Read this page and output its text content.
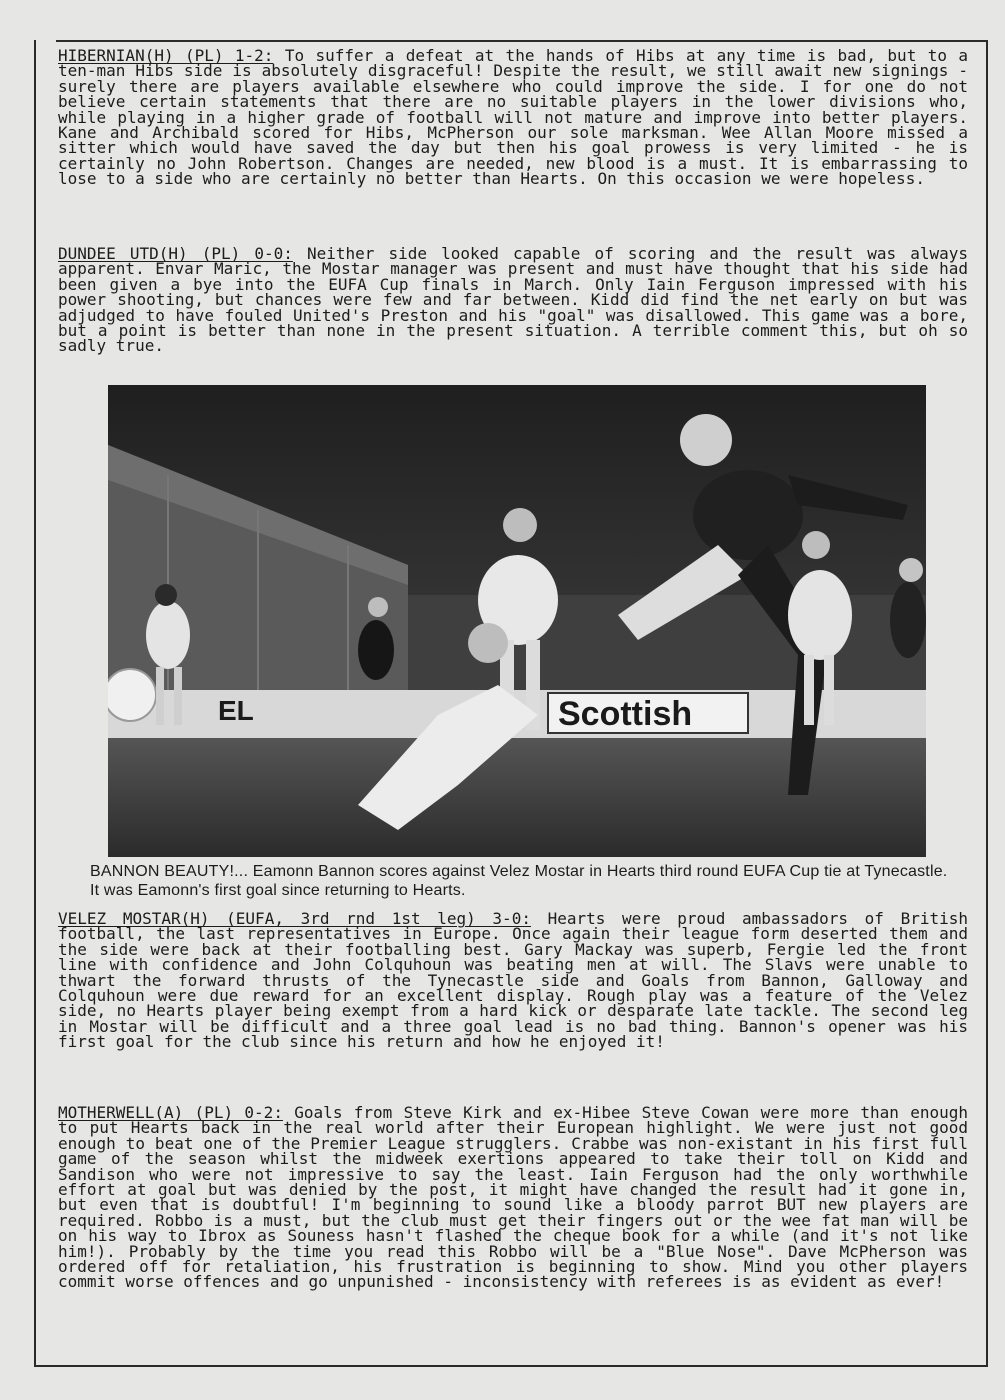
HIBERNIAN(H) (PL) 1-2: To suffer a defeat at the hands of Hibs at any time is bad, but to a ten-man Hibs side is absolutely disgraceful! Despite the result, we still await new signings - surely there are players available elsewhere who could improve the side. I for one do not believe certain statements that there are no suitable players in the lower divisions who, while playing in a higher grade of football will not mature and improve into better players. Kane and Archibald scored for Hibs, McPherson our sole marksman. Wee Allan Moore missed a sitter which would have saved the day but then his goal prowess is very limited - he is certainly no John Robertson. Changes are needed, new blood is a must. It is embarrassing to lose to a side who are certainly no better than Hearts. On this occasion we were hopeless.
DUNDEE UTD(H) (PL) 0-0: Neither side looked capable of scoring and the result was always apparent. Envar Maric, the Mostar manager was present and must have thought that his side had been given a bye into the EUFA Cup finals in March. Only Iain Ferguson impressed with his power shooting, but chances were few and far between. Kidd did find the net early on but was adjudged to have fouled United's Preston and his "goal" was disallowed. This game was a bore, but a point is better than none in the present situation. A terrible comment this, but oh so sadly true.
Scottish
EL
BANNON BEAUTY!... Eamonn Bannon scores against Velez Mostar in Hearts third round EUFA Cup tie at Tynecastle. It was Eamonn's first goal since returning to Hearts.
VELEZ MOSTAR(H) (EUFA, 3rd rnd 1st leg) 3-0: Hearts were proud ambassadors of British football, the last representatives in Europe. Once again their league form deserted them and the side were back at their footballing best. Gary Mackay was superb, Fergie led the front line with confidence and John Colquhoun was beating men at will. The Slavs were unable to thwart the forward thrusts of the Tynecastle side and Goals from Bannon, Galloway and Colquhoun were due reward for an excellent display. Rough play was a feature of the Velez side, no Hearts player being exempt from a hard kick or desparate late tackle. The second leg in Mostar will be difficult and a three goal lead is no bad thing. Bannon's opener was his first goal for the club since his return and how he enjoyed it!
MOTHERWELL(A) (PL) 0-2: Goals from Steve Kirk and ex-Hibee Steve Cowan were more than enough to put Hearts back in the real world after their European highlight. We were just not good enough to beat one of the Premier League strugglers. Crabbe was non-existant in his first full game of the season whilst the midweek exertions appeared to take their toll on Kidd and Sandison who were not impressive to say the least. Iain Ferguson had the only worthwhile effort at goal but was denied by the post, it might have changed the result had it gone in, but even that is doubtful! I'm beginning to sound like a bloody parrot BUT new players are required. Robbo is a must, but the club must get their fingers out or the wee fat man will be on his way to Ibrox as Souness hasn't flashed the cheque book for a while (and it's not like him!). Probably by the time you read this Robbo will be a "Blue Nose". Dave McPherson was ordered off for retaliation, his frustration is beginning to show. Mind you other players commit worse offences and go unpunished - inconsistency with referees is as evident as ever!
